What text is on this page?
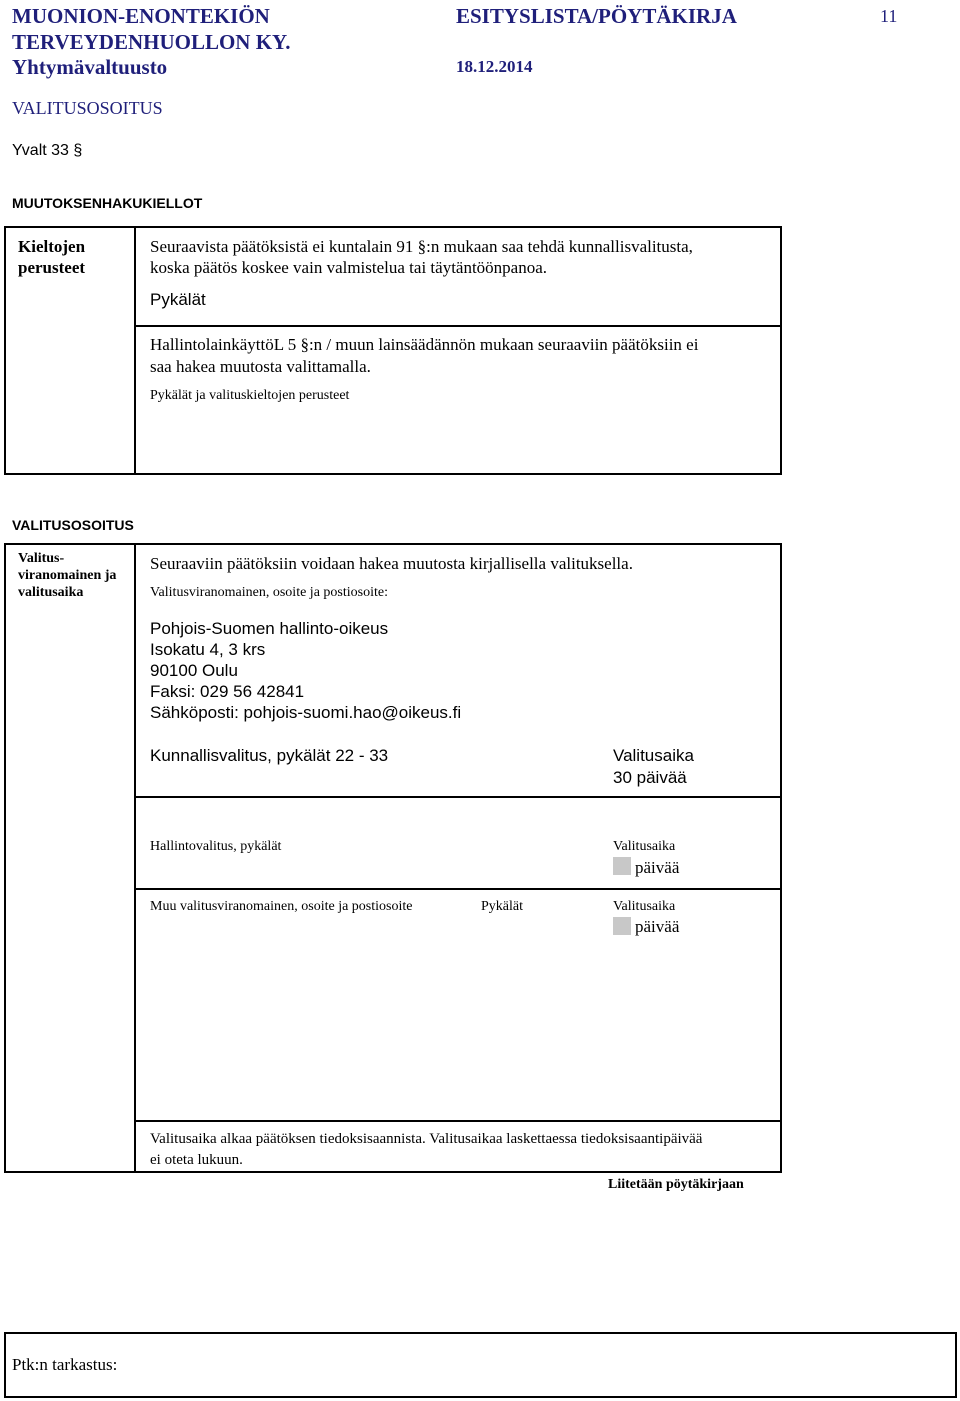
MUONION-ENONTEKIÖN
TERVEYDENHUOLLON KY.
Yhtymävaltuusto
ESITYSLISTA/PÖYTÄKIRJA
18.12.2014
11
VALITUSOSOITUS
Yvalt 33 §
MUUTOKSENHAKUKIELLOT
Kieltojen
perusteet
Seuraavista päätöksistä ei kuntalain 91 §:n mukaan saa tehdä kunnallisvalitusta,
koska päätös koskee vain valmistelua tai täytäntöönpanoa.
Pykälät
HallintolainkäyttöL 5 §:n / muun lainsäädännön mukaan seuraaviin päätöksiin ei
saa hakea muutosta valittamalla.
Pykälät ja valituskieltojen perusteet
VALITUSOSOITUS
Valitus-
viranomainen ja
valitusaika
Seuraaviin päätöksiin voidaan hakea muutosta kirjallisella valituksella.
Valitusviranomainen, osoite ja postiosoite:
Pohjois-Suomen hallinto-oikeus
Isokatu 4, 3 krs
90100 Oulu
Faksi: 029 56 42841
Sähköposti: pohjois-suomi.hao@oikeus.fi
Kunnallisvalitus, pykälät 22 - 33	Valitusaika
30 päivää
Hallintovalitus, pykälät	Valitusaika
päivää
Muu valitusviranomainen, osoite ja postiosoite	Pykälät	Valitusaika
päivää
Valitusaika alkaa päätöksen tiedoksisaannista. Valitusaikaa laskettaessa tiedoksisaantipäivää
ei oteta lukuun.
Liitetään pöytäkirjaan
Ptk:n tarkastus:
